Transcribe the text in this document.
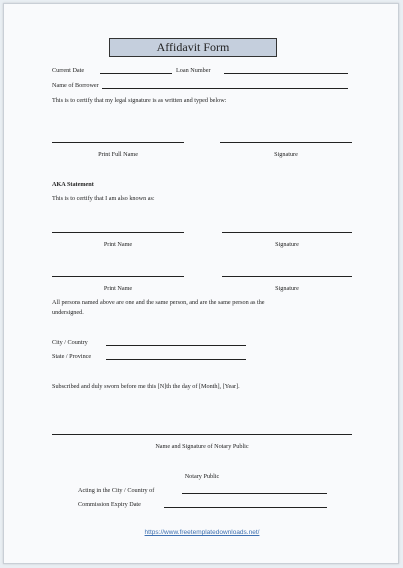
Affidavit Form
Current Date	Loan Number
Name of Borrower
This is to certify that my legal signature is as written and typed below:
Print Full Name	Signature
AKA Statement
This is to certify that I am also known as:
Print Name	Signature
Print Name	Signature
All persons named above are one and the same person, and are the same person as the
undersigned.
City / Country
State / Province
Subscribed and duly sworn before me this [N]th the day of [Month], [Year].
Name and Signature of Notary Public
Notary Public
Acting in the City / Country of
Commission Expiry Date
https://www.freetemplatedownloads.net/
